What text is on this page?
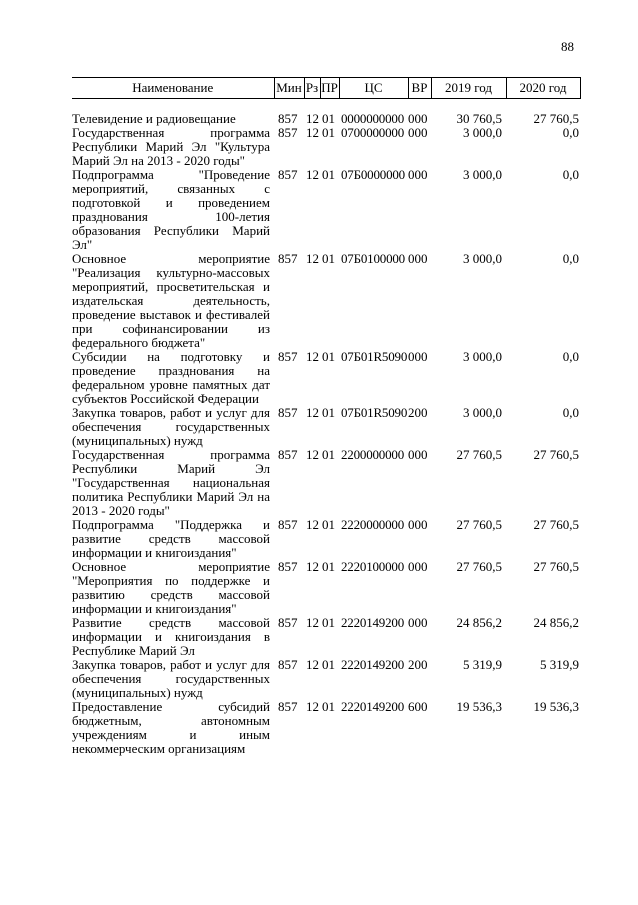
88
Наименование	Мин	Рз	ПР	ЦС	ВР	2019 год	2020 год
Телевидение и радиовещание	857	12	01	0000000000	000	30 760,5	27 760,5
Государственная программа Республики Марий Эл "Культура Марий Эл на 2013 - 2020 годы"	857	12	01	0700000000	000	3 000,0	0,0
Подпрограмма "Проведение мероприятий, связанных с подготовкой и проведением празднования 100-летия образования Республики Марий Эл"	857	12	01	07Б0000000	000	3 000,0	0,0
Основное мероприятие "Реализация культурно-массовых мероприятий, просветительская и издательская деятельность, проведение выставок и фестивалей при софинансировании из федерального бюджета"	857	12	01	07Б0100000	000	3 000,0	0,0
Субсидии на подготовку и проведение празднования на федеральном уровне памятных дат субъектов Российской Федерации	857	12	01	07Б01R5090	000	3 000,0	0,0
Закупка товаров, работ и услуг для обеспечения государственных (муниципальных) нужд	857	12	01	07Б01R5090	200	3 000,0	0,0
Государственная программа Республики Марий Эл "Государственная национальная политика Республики Марий Эл на 2013 - 2020 годы"	857	12	01	2200000000	000	27 760,5	27 760,5
Подпрограмма "Поддержка и развитие средств массовой информации и книгоиздания"	857	12	01	2220000000	000	27 760,5	27 760,5
Основное мероприятие "Мероприятия по поддержке и развитию средств массовой информации и книгоиздания"	857	12	01	2220100000	000	27 760,5	27 760,5
Развитие средств массовой информации и книгоиздания в Республике Марий Эл	857	12	01	2220149200	000	24 856,2	24 856,2
Закупка товаров, работ и услуг для обеспечения государственных (муниципальных) нужд	857	12	01	2220149200	200	5 319,9	5 319,9
Предоставление субсидий бюджетным, автономным учреждениям и иным некоммерческим организациям	857	12	01	2220149200	600	19 536,3	19 536,3
